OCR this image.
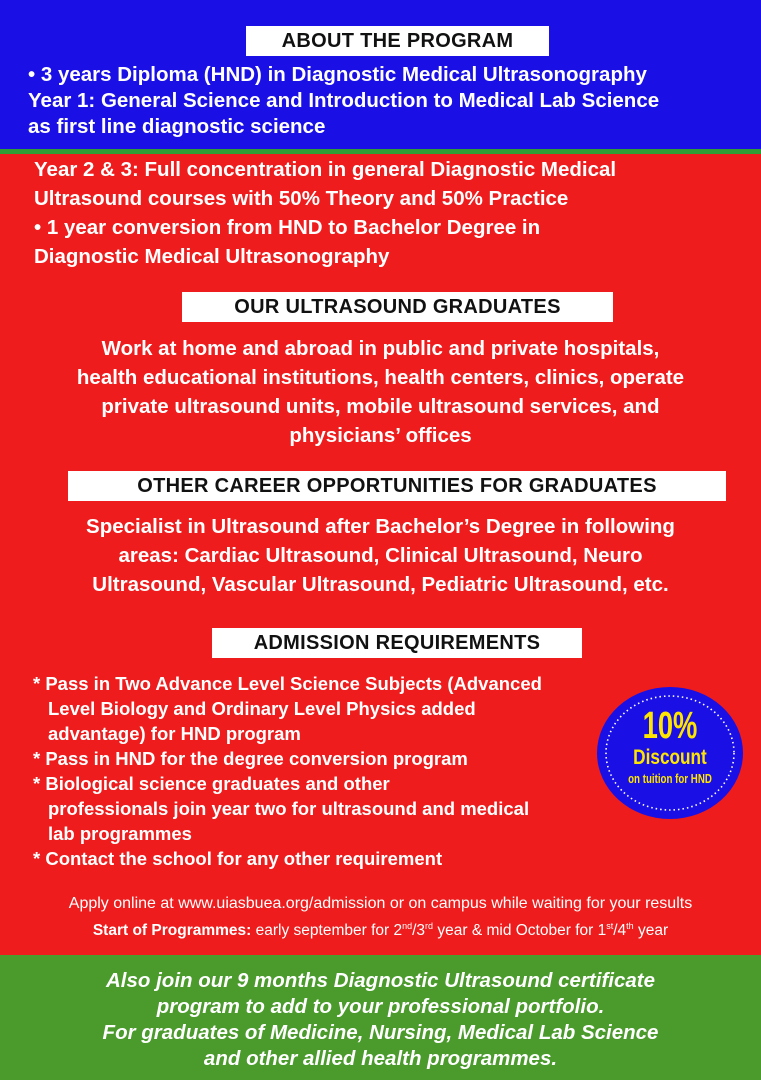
ABOUT THE PROGRAM
• 3 years Diploma (HND) in Diagnostic Medical Ultrasonography
Year 1: General Science and Introduction to Medical Lab Science
as first line diagnostic science
Year 2 & 3: Full concentration in general Diagnostic Medical
Ultrasound courses with 50% Theory and 50% Practice
• 1 year conversion from HND to Bachelor Degree in
Diagnostic Medical Ultrasonography
OUR ULTRASOUND GRADUATES
Work at home and abroad in public and private hospitals,
health educational institutions, health centers, clinics, operate
private ultrasound units, mobile ultrasound services, and
physicians’ offices
OTHER CAREER OPPORTUNITIES FOR GRADUATES
Specialist in Ultrasound after Bachelor’s Degree in following
areas: Cardiac Ultrasound, Clinical Ultrasound, Neuro
Ultrasound, Vascular Ultrasound, Pediatric Ultrasound, etc.
ADMISSION REQUIREMENTS
* Pass in Two Advance Level Science Subjects (Advanced
Level Biology and Ordinary Level Physics added
advantage) for HND program
* Pass in HND for the degree conversion program
* Biological science graduates and other
professionals join year two for ultrasound and medical
lab programmes
* Contact the school for any other requirement
10%
Discount
on tuition for HND
Apply online at www.uiasbuea.org/admission or on campus while waiting for your results
Start of Programmes: early september for 2nd/3rd year & mid October for 1st/4th year
Also join our 9 months Diagnostic Ultrasound certificate
program to add to your professional portfolio.
For graduates of Medicine, Nursing, Medical Lab Science
and other allied health programmes.
